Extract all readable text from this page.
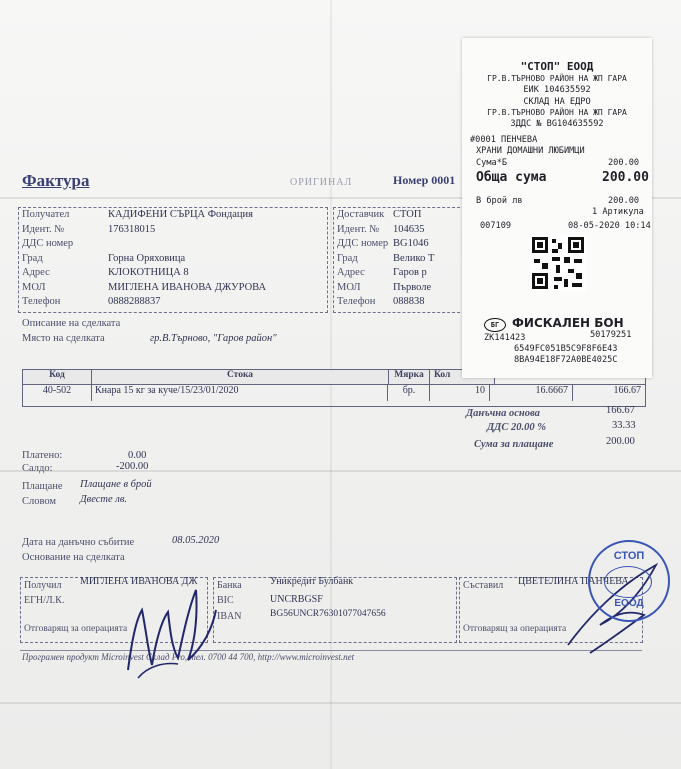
Фактура	ОРИГИНАЛ	Номер 0001
Получател	КАДИФЕНИ СЪРЦА Фондация
Идент. №	176318015
ДДС номер
Град	Горна Оряховица
Адрес	КЛОКОТНИЦА 8
МОЛ	МИГЛЕНА ИВАНОВА ДЖУРОВА
Телефон	0888288837
Доставчик СТОП
Идент. № 104635
ДДС номер BG1046
Град	Велико Т
Адрес	Гаров р
МОЛ	Първоле
Телефон 088838
Описание на сделката
Място на сделката	гр.В.Търново, "Гаров район"
Код	Стока	Мярка	Кол
40-502	Кнара 15 кг за куче/15/23/01/2020	бр.	10	16.6667	166.67
Данъчна основа	166.67
ДДС 20.00 %	33.33
Сума за плащане	200.00
Платено:	0.00
Салдо:	-200.00
Плащане Плащане в брой
Словом Двесте лв.
Дата на данъчно събитие	08.05.2020
Основание на сделката
Получил МИГЛЕНА ИВАНОВА ДЖ
ЕГН/Л.К.
Отговарящ за операцията
Банка	Уникредит Булбанк
BIC	UNCRBGSF
IBAN	BG56UNCR76301077047656
Съставил ЦВЕТЕЛИНА ПАНЧЕВА
Отговарящ за операцията
Програмен продукт Microinvest Склад Pro, тел. 0700 44 700, http://www.microinvest.net
СТОП
ЕООД
"СТОП" ЕООД
ГР.В.ТЪРНОВО РАЙОН НА ЖП ГАРА
ЕИК 104635592
СКЛАД НА ЕДРО
ГР.В.ТЪРНОВО РАЙОН НА ЖП ГАРА
ЗДДС № BG104635592
#0001 ПЕНЧЕВА
ХРАНИ ДОМАШНИ ЛЮБИМЦИ
Сума*Б	200.00
Обща сума	200.00
В брой лв	200.00
1 Артикула
007109	08-05-2020 10:14
БГ	ФИСКАЛЕН БОН
ZK141423	50179251
6549FC051B5C9F8F6E43
8BA94E18F72A0BE4025C
